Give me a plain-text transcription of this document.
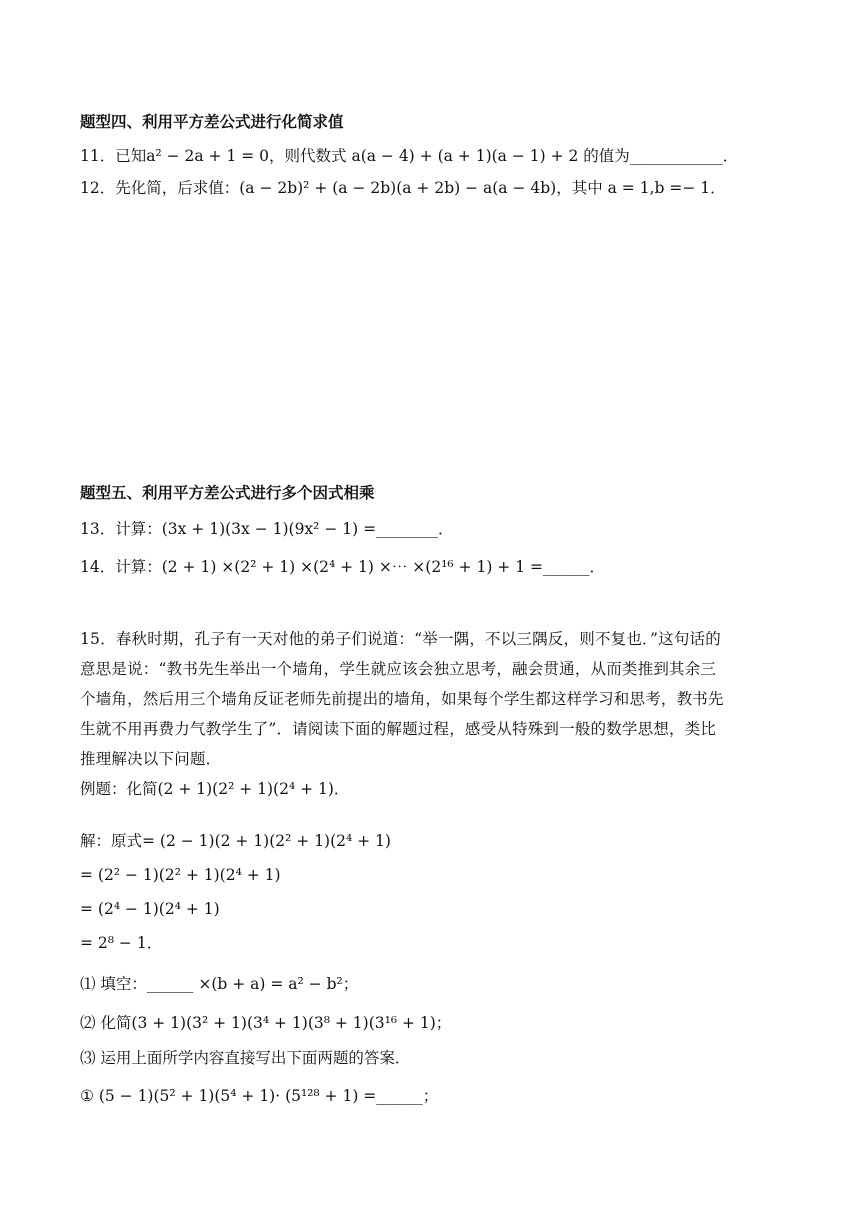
题型四、利用平方差公式进行化简求值
11．已知a² − 2a + 1 = 0，则代数式 a(a − 4) + (a + 1)(a − 1) + 2 的值为____________．
12．先化简，后求值：(a − 2b)² + (a − 2b)(a + 2b) − a(a − 4b)，其中 a = 1,b =− 1．
题型五、利用平方差公式进行多个因式相乘
13．计算：(3x + 1)(3x − 1)(9x² − 1) =________．
14．计算：(2 + 1) ×(2² + 1) ×(2⁴ + 1) ×⋯ ×(2¹⁶ + 1) + 1 =______．
15．春秋时期，孔子有一天对他的弟子们说道：“举一隅，不以三隅反，则不复也．”这句话的
意思是说：“教书先生举出一个墙角，学生就应该会独立思考，融会贯通，从而类推到其余三
个墙角，然后用三个墙角反证老师先前提出的墙角，如果每个学生都这样学习和思考，教书先
生就不用再费力气教学生了”．请阅读下面的解题过程，感受从特殊到一般的数学思想，类比
推理解决以下问题．
例题：化简(2 + 1)(2² + 1)(2⁴ + 1)．
解：原式= (2 − 1)(2 + 1)(2² + 1)(2⁴ + 1)
= (2² − 1)(2² + 1)(2⁴ + 1)
= (2⁴ − 1)(2⁴ + 1)
= 2⁸ − 1．
⑴ 填空：______ ×(b + a) = a² − b²；
⑵ 化简(3 + 1)(3² + 1)(3⁴ + 1)(3⁸ + 1)(3¹⁶ + 1)；
⑶ 运用上面所学内容直接写出下面两题的答案．
① (5 − 1)(5² + 1)(5⁴ + 1)· (5¹²⁸ + 1) =______；
